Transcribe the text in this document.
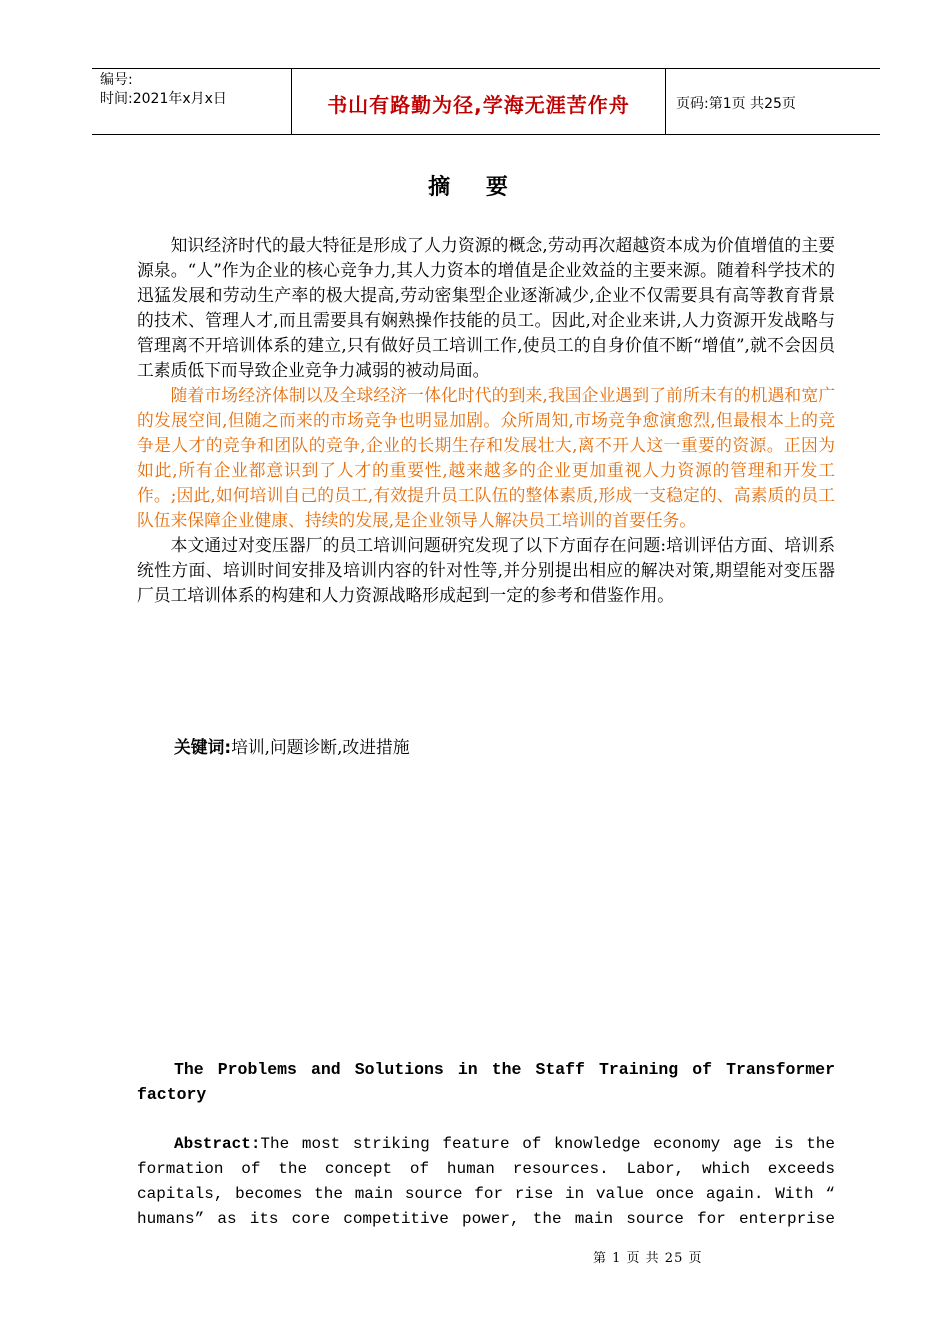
编号:
时间:2021年x月x日	书山有路勤为径,学海无涯苦作舟	页码:第1页 共25页
摘 要

知识经济时代的最大特征是形成了人力资源的概念,劳动再次超越资本成为价值增值的主要源泉。“人”作为企业的核心竞争力,其人力资本的增值是企业效益的主要来源。随着科学技术的迅猛发展和劳动生产率的极大提高,劳动密集型企业逐渐减少,企业不仅需要具有高等教育背景的技术、管理人才,而且需要具有娴熟操作技能的员工。因此,对企业来讲,人力资源开发战略与管理离不开培训体系的建立,只有做好员工培训工作,使员工的自身价值不断“增值”,就不会因员工素质低下而导致企业竞争力减弱的被动局面。

随着市场经济体制以及全球经济一体化时代的到来,我国企业遇到了前所未有的机遇和宽广的发展空间,但随之而来的市场竞争也明显加剧。众所周知,市场竞争愈演愈烈,但最根本上的竞争是人才的竞争和团队的竞争,企业的长期生存和发展壮大,离不开人这一重要的资源。正因为如此,所有企业都意识到了人才的重要性,越来越多的企业更加重视人力资源的管理和开发工作。;因此,如何培训自己的员工,有效提升员工队伍的整体素质,形成一支稳定的、高素质的员工队伍来保障企业健康、持续的发展,是企业领导人解决员工培训的首要任务。

本文通过对变压器厂的员工培训问题研究发现了以下方面存在问题:培训评估方面、培训系统性方面、培训时间安排及培训内容的针对性等,并分别提出相应的解决对策,期望能对变压器厂员工培训体系的构建和人力资源战略形成起到一定的参考和借鉴作用。

关键词:培训,问题诊断,改进措施
The Problems and Solutions in the Staff Training of Transformer factory
Abstract:The most striking feature of knowledge economy age is the formation of the concept of human resources. Labor, which exceeds capitals, becomes the main source for rise in value once again. With “ humans” as its core competitive power, the main source for enterprise
第 1 页 共 25 页
